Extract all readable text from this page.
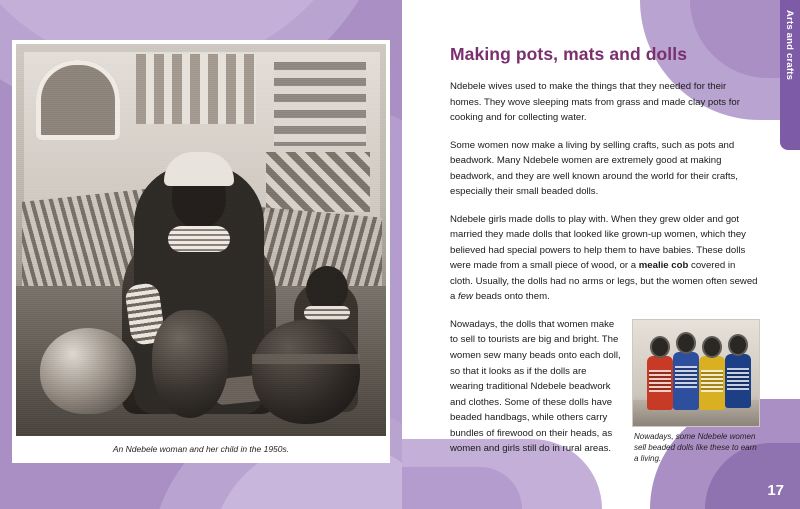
Arts and crafts
An Ndebele woman and her child in the 1950s.
Making pots, mats and dolls

Ndebele wives used to make the things that they needed for their homes. They wove sleeping mats from grass and made clay pots for cooking and for collecting water.

Some women now make a living by selling crafts, such as pots and beadwork. Many Ndebele women are extremely good at making beadwork, and they are well known around the world for their crafts, especially their small beaded dolls.

Ndebele girls made dolls to play with. When they grew older and got married they made dolls that looked like grown-up women, which they believed had special powers to help them to have babies. These dolls were made from a small piece of wood, or a mealie cob covered in cloth. Usually, the dolls had no arms or legs, but the women often sewed a few beads onto them.

Nowadays, some Ndebele women sell beaded dolls like these to earn a living.

Nowadays, the dolls that women make to sell to tourists are big and bright. The women sew many beads onto each doll, so that it looks as if the dolls are wearing traditional Ndebele beadwork and clothes. Some of these dolls have beaded handbags, while others carry bundles of firewood on their heads, as women and girls still do in rural areas.

17
